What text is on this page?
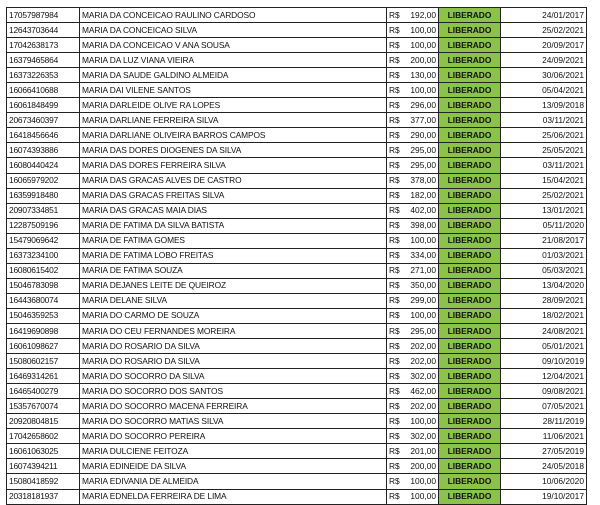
17057987984	MARIA DA CONCEICAO RAULINO CARDOSO	R$ 192,00	LIBERADO	24/01/2017
12643703644	MARIA DA CONCEICAO SILVA	R$ 100,00	LIBERADO	25/02/2021
17042638173	MARIA DA CONCEICAO V ANA SOUSA	R$ 100,00	LIBERADO	20/09/2017
16379465864	MARIA DA LUZ VIANA VIEIRA	R$ 200,00	LIBERADO	24/09/2021
16373226353	MARIA DA SAUDE GALDINO ALMEIDA	R$ 130,00	LIBERADO	30/06/2021
16066410688	MARIA DAI VILENE SANTOS	R$ 100,00	LIBERADO	05/04/2021
16061848499	MARIA DARLEIDE OLIVE RA LOPES	R$ 296,00	LIBERADO	13/09/2018
20673460397	MARIA DARLIANE FERREIRA SILVA	R$ 377,00	LIBERADO	03/11/2021
16418456646	MARIA DARLIANE OLIVEIRA BARROS CAMPOS	R$ 290,00	LIBERADO	25/06/2021
16074393886	MARIA DAS DORES DIOGENES DA SILVA	R$ 295,00	LIBERADO	25/05/2021
16080440424	MARIA DAS DORES FERREIRA SILVA	R$ 295,00	LIBERADO	03/11/2021
16065979202	MARIA DAS GRACAS ALVES DE CASTRO	R$ 378,00	LIBERADO	15/04/2021
16359918480	MARIA DAS GRACAS FREITAS SILVA	R$ 182,00	LIBERADO	25/02/2021
20907334851	MARIA DAS GRACAS MAIA DIAS	R$ 402,00	LIBERADO	13/01/2021
12287509196	MARIA DE FATIMA DA SILVA BATISTA	R$ 398,00	LIBERADO	05/11/2020
15479069642	MARIA DE FATIMA GOMES	R$ 100,00	LIBERADO	21/08/2017
16373234100	MARIA DE FATIMA LOBO FREITAS	R$ 334,00	LIBERADO	01/03/2021
16080615402	MARIA DE FATIMA SOUZA	R$ 271,00	LIBERADO	05/03/2021
15046783098	MARIA DEJANES LEITE DE QUEIROZ	R$ 350,00	LIBERADO	13/04/2020
16443680074	MARIA DELANE SILVA	R$ 299,00	LIBERADO	28/09/2021
15046359253	MARIA DO CARMO DE SOUZA	R$ 100,00	LIBERADO	18/02/2021
16419690898	MARIA DO CEU FERNANDES MOREIRA	R$ 295,00	LIBERADO	24/08/2021
16061098627	MARIA DO ROSARIO DA SILVA	R$ 202,00	LIBERADO	05/01/2021
15080602157	MARIA DO ROSARIO DA SILVA	R$ 202,00	LIBERADO	09/10/2019
16469314261	MARIA DO SOCORRO DA SILVA	R$ 302,00	LIBERADO	12/04/2021
16465400279	MARIA DO SOCORRO DOS SANTOS	R$ 462,00	LIBERADO	09/08/2021
15357670074	MARIA DO SOCORRO MACENA FERREIRA	R$ 202,00	LIBERADO	07/05/2021
20920804815	MARIA DO SOCORRO MATIAS SILVA	R$ 100,00	LIBERADO	28/11/2019
17042658602	MARIA DO SOCORRO PEREIRA	R$ 302,00	LIBERADO	11/06/2021
16061063025	MARIA DULCIENE FEITOZA	R$ 201,00	LIBERADO	27/05/2019
16074394211	MARIA EDINEIDE DA SILVA	R$ 200,00	LIBERADO	24/05/2018
15080418592	MARIA EDIVANIA DE ALMEIDA	R$ 100,00	LIBERADO	10/06/2020
20318181937	MARIA EDNELDA FERREIRA DE LIMA	R$ 100,00	LIBERADO	19/10/2017
